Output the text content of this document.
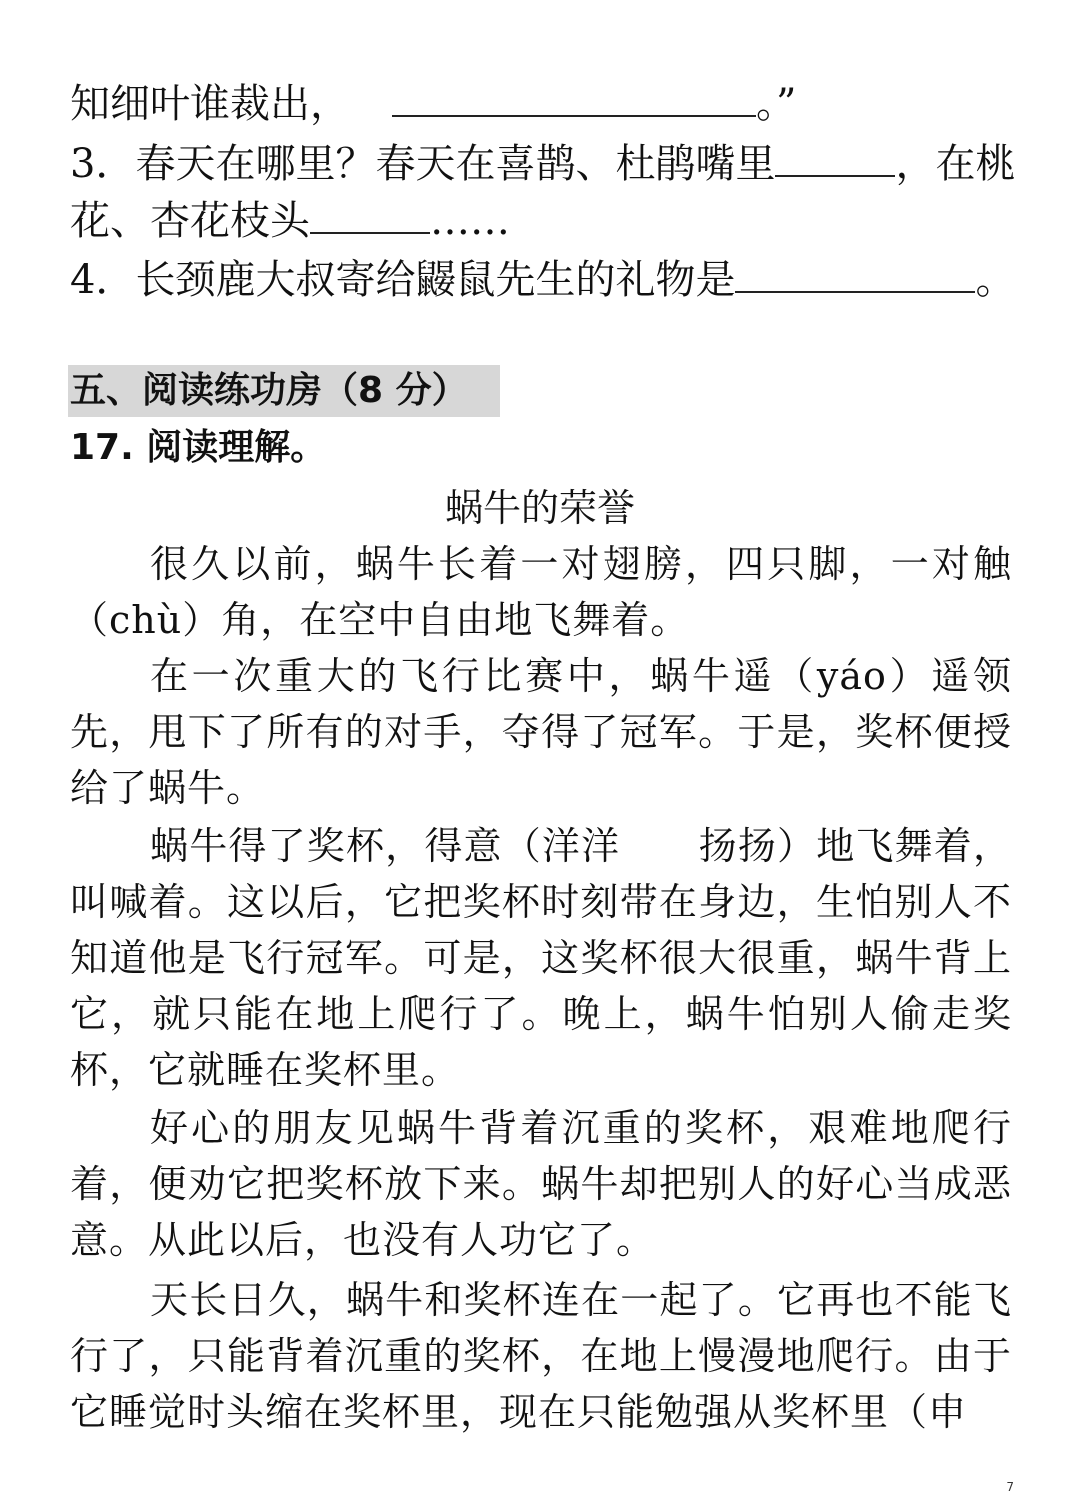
知细叶谁裁出，	。”
3．春天在哪里？春天在喜鹊、杜鹃嘴里	，在桃
花、杏花枝头	……
4．长颈鹿大叔寄给鼹鼠先生的礼物是	。
五、阅读练功房（8 分）
17. 阅读理解。
蜗牛的荣誉

很久以前，蜗牛长着一对翅膀，四只脚，一对触（chù）角，在空中自由地飞舞着。

在一次重大的飞行比赛中，蜗牛遥（yáo）遥领先，甩下了所有的对手，夺得了冠军。于是，奖杯便授给了蜗牛。

蜗牛得了奖杯，得意（洋洋　　扬扬）地飞舞着，叫喊着。这以后，它把奖杯时刻带在身边，生怕别人不知道他是飞行冠军。可是，这奖杯很大很重，蜗牛背上它，就只能在地上爬行了。晚上，蜗牛怕别人偷走奖杯，它就睡在奖杯里。

好心的朋友见蜗牛背着沉重的奖杯，艰难地爬行着，便劝它把奖杯放下来。蜗牛却把别人的好心当成恶意。从此以后，也没有人功它了。

天长日久，蜗牛和奖杯连在一起了。它再也不能飞行了，只能背着沉重的奖杯，在地上慢漫地爬行。由于它睡觉时头缩在奖杯里，现在只能勉强从奖杯里（申

7
